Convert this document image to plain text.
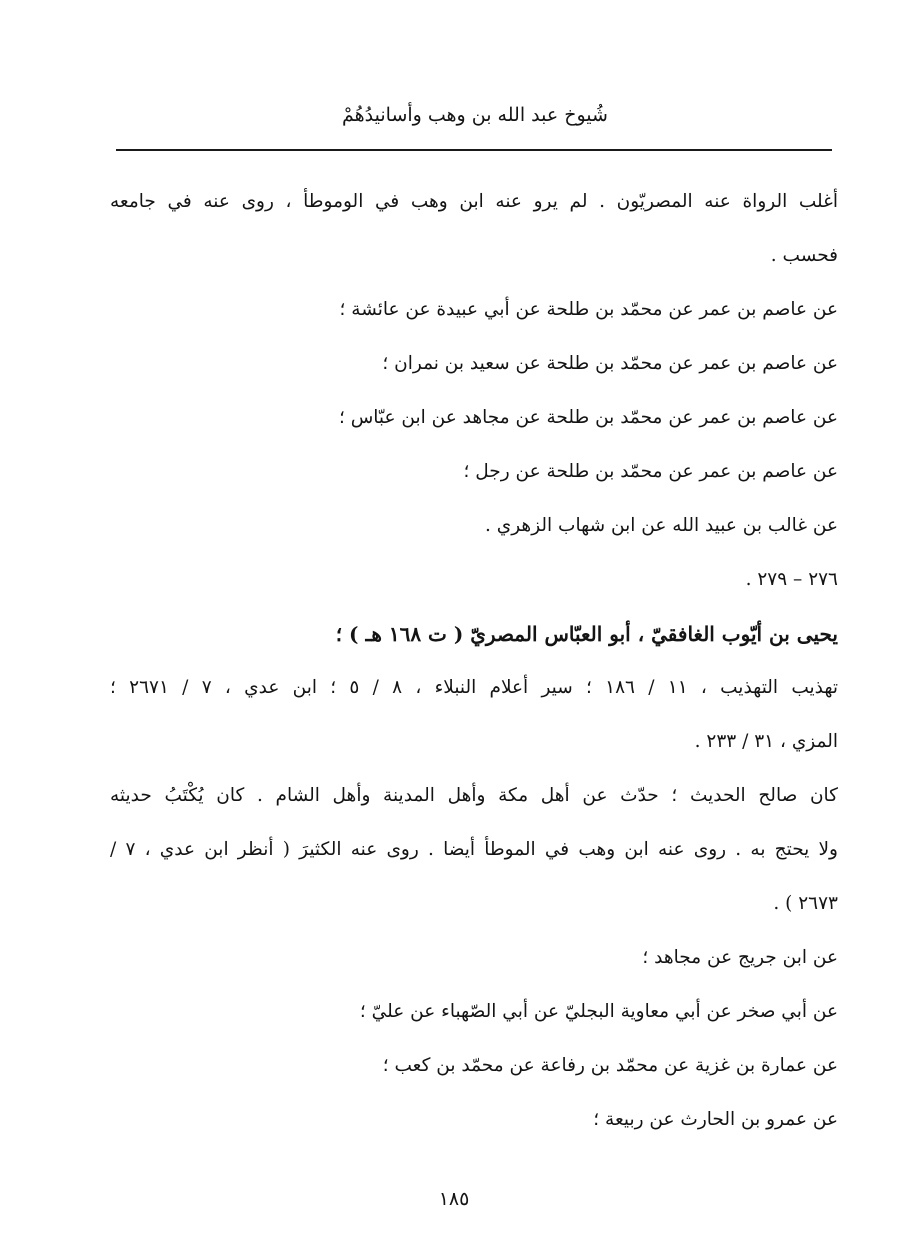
شُيوخ عبد الله بن وهب وأسانيدُهُمْ
أغلب الرواة عنه المصريّون . لم يرو عنه ابن وهب في الوموطأ ، روى عنه في جامعه
فحسب .
عن عاصم بن عمر عن محمّد بن طلحة عن أبي عبيدة عن عائشة ؛
عن عاصم بن عمر عن محمّد بن طلحة عن سعيد بن نمران ؛
عن عاصم بن عمر عن محمّد بن طلحة عن مجاهد عن ابن عبّاس ؛
عن عاصم بن عمر عن محمّد بن طلحة عن رجل ؛
عن غالب بن عبيد الله عن ابن شهاب الزهري .
٢٧٦ – ٢٧٩ .
يحيى بن أيّوب الغافقيّ ، أبو العبّاس المصريّ ( ت ١٦٨ هـ ) ؛
تهذيب التهذيب ، ١١ / ١٨٦ ؛ سير أعلام النبلاء ، ٨ / ٥ ؛ ابن عدي ، ٧ / ٢٦٧١ ؛
المزي ، ٣١ / ٢٣٣ .
كان صالح الحديث ؛ حدّث عن أهل مكة وأهل المدينة وأهل الشام . كان يُكْتَبُ حديثه
ولا يحتج به . روى عنه ابن وهب في الموطأ أيضا . روى عنه الكثيرَ ( أنظر ابن عدي ، ٧ /
٢٦٧٣ ) .
عن ابن جريج عن مجاهد ؛
عن أبي صخر عن أبي معاوية البجليّ عن أبي الصّهباء عن عليّ ؛
عن عمارة بن غزية عن محمّد بن رفاعة عن محمّد بن كعب ؛
عن عمرو بن الحارث عن ربيعة ؛
١٨٥
